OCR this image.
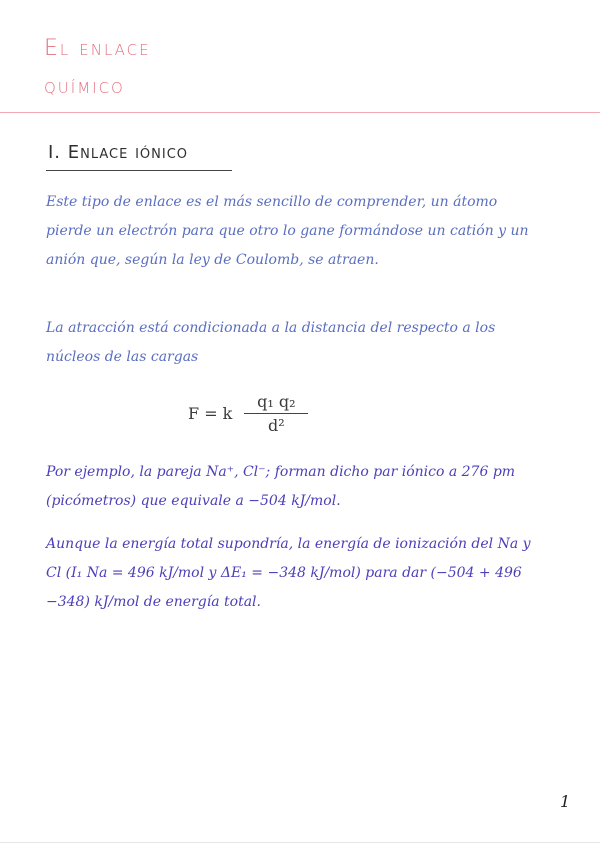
El enlace
químico
I. Enlace iónico
Este tipo de enlace es el más sencillo de comprender, un átomo pierde un electrón para que otro lo gane formándose un catión y un anión que, según la ley de Coulomb, se atraen.
La atracción está condicionada a la distancia del respecto a los núcleos de las cargas
F = k $\frac{\text{q₁ q₂}}{\text{d²}}$
Por ejemplo, la pareja Na⁺, Cl⁻; forman dicho par iónico a 276 pm (picómetros) que equivale a −504 kJ/mol.
Aunque la energía total supondría, la energía de ionización del Na y Cl (I₁ Na = 496 kJ/mol y ΔE₁ = −348 kJ/mol) para dar (−504 + 496 −348) kJ/mol de energía total.
1
